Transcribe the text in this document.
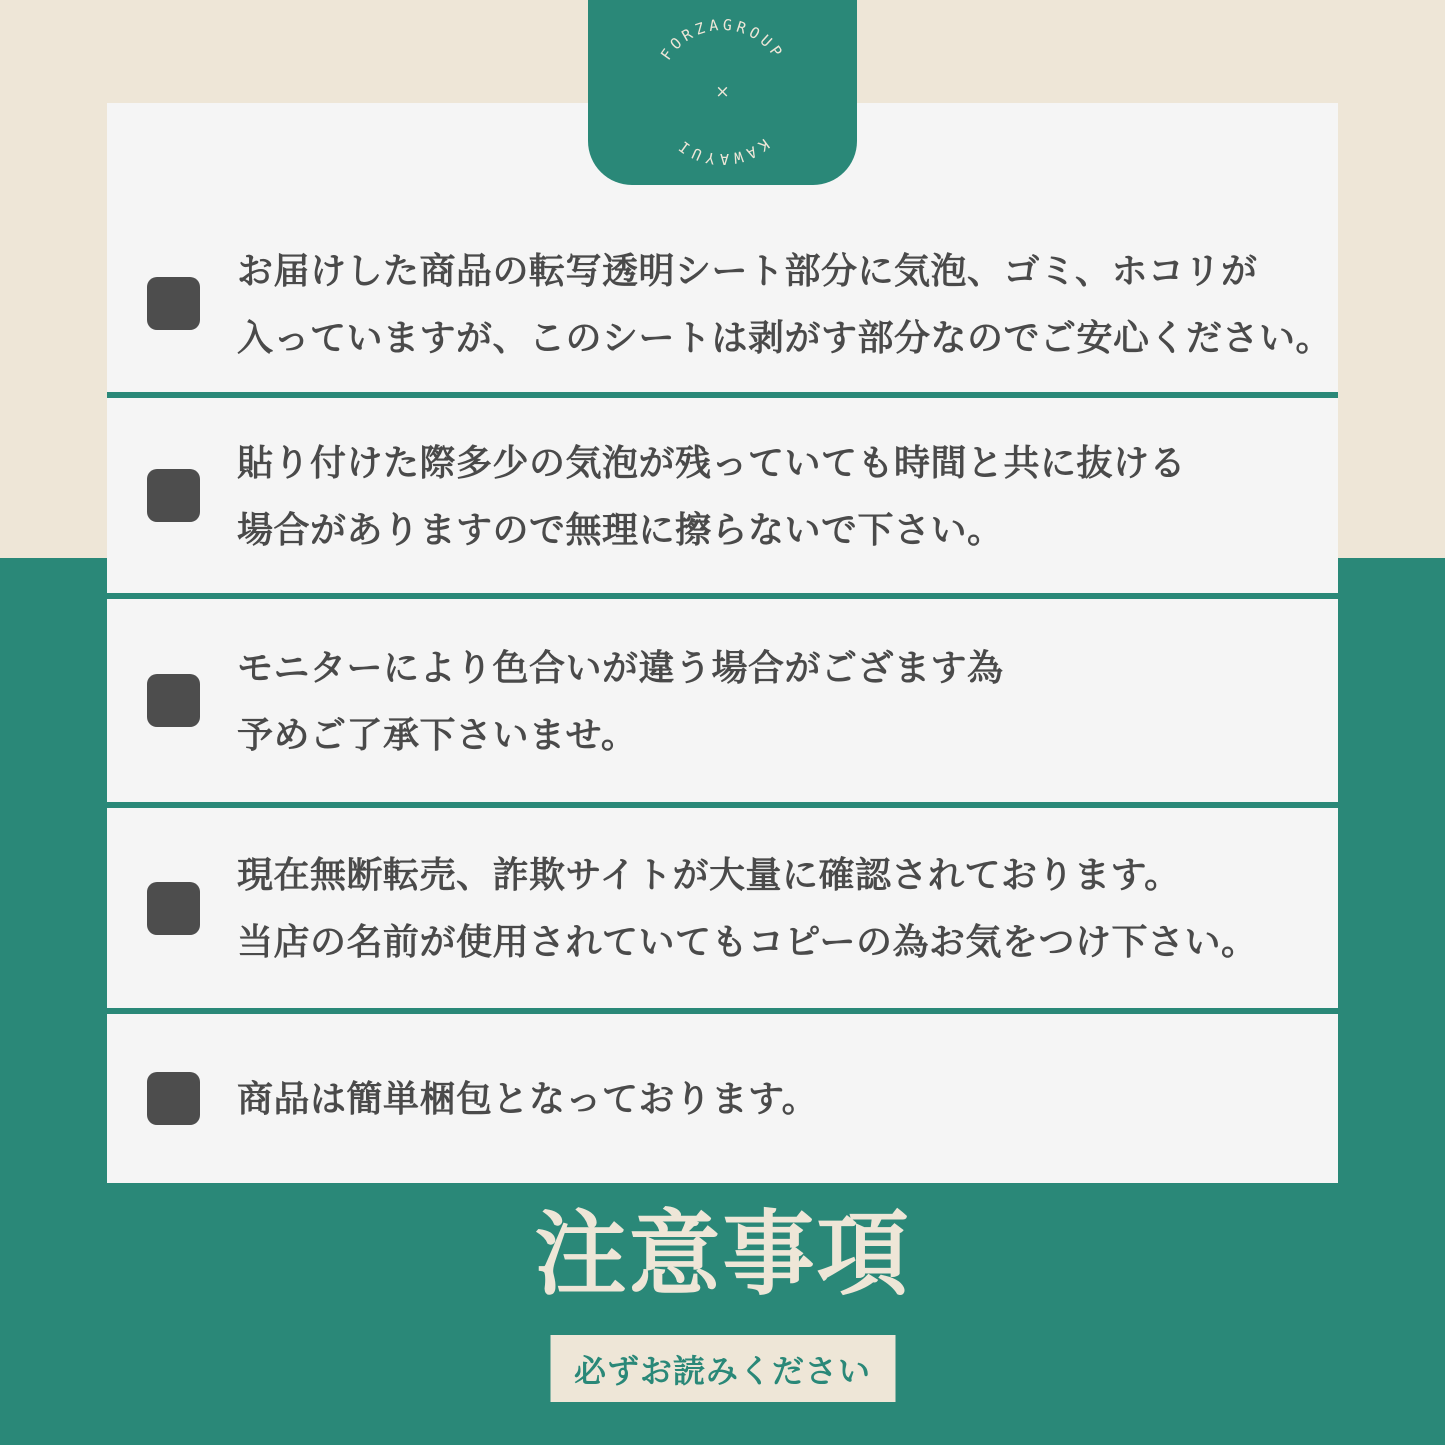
FORZAGROUP
KAWAYUI
×
お届けした商品の転写透明シート部分に気泡、ゴミ、ホコリが
入っていますが、このシートは剥がす部分なのでご安心ください。
貼り付けた際多少の気泡が残っていても時間と共に抜ける
場合がありますので無理に擦らないで下さい。
モニターにより色合いが違う場合がござます為
予めご了承下さいませ。
現在無断転売、詐欺サイトが大量に確認されております。
当店の名前が使用されていてもコピーの為お気をつけ下さい。
商品は簡単梱包となっております。
注意事項
必ずお読みください
